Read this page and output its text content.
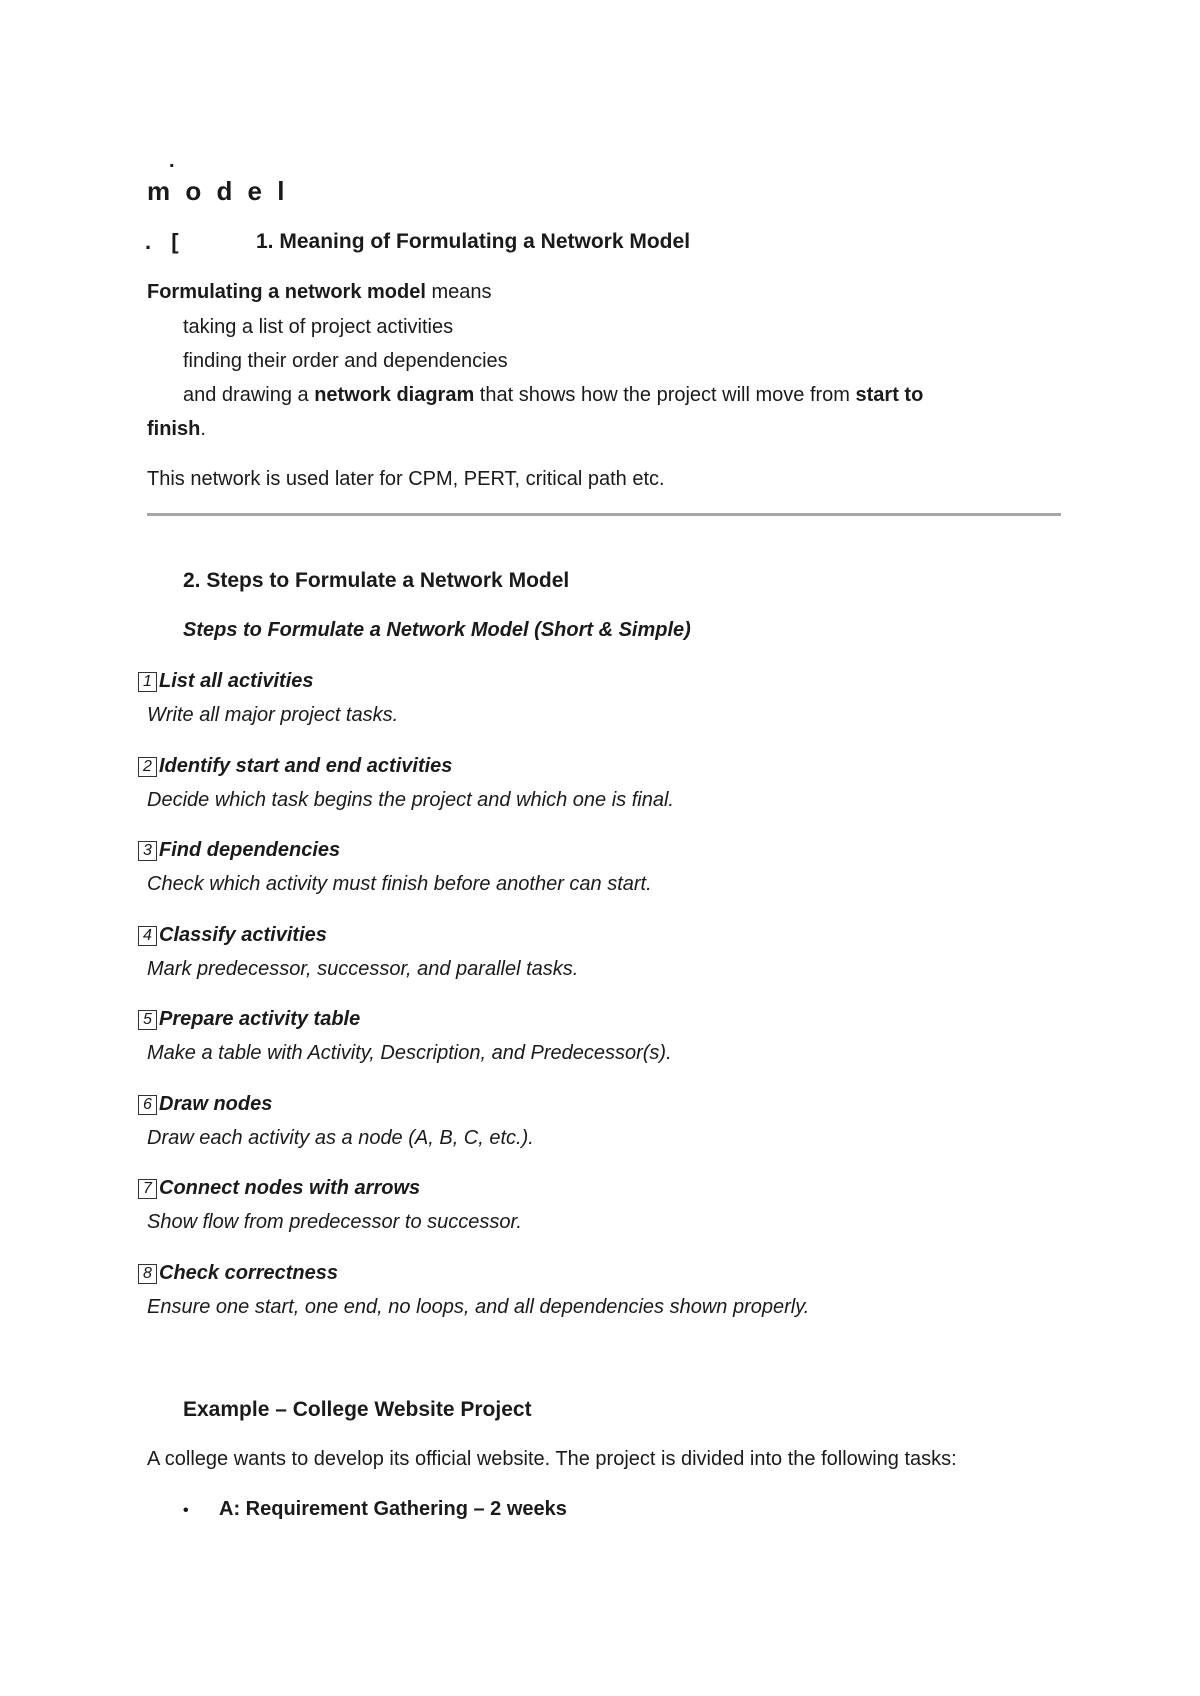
.
m o d e l
. [	1. Meaning of Formulating a Network Model
Formulating a network model means
taking a list of project activities
finding their order and dependencies
and drawing a network diagram that shows how the project will move from start to
finish.
This network is used later for CPM, PERT, critical path etc.
2. Steps to Formulate a Network Model
Steps to Formulate a Network Model (Short & Simple)
1 List all activities
Write all major project tasks.
2 Identify start and end activities
Decide which task begins the project and which one is final.
3 Find dependencies
Check which activity must finish before another can start.
4 Classify activities
Mark predecessor, successor, and parallel tasks.
5 Prepare activity table
Make a table with Activity, Description, and Predecessor(s).
6 Draw nodes
Draw each activity as a node (A, B, C, etc.).
7 Connect nodes with arrows
Show flow from predecessor to successor.
8 Check correctness
Ensure one start, one end, no loops, and all dependencies shown properly.
Example – College Website Project
A college wants to develop its official website. The project is divided into the following tasks:
• A: Requirement Gathering – 2 weeks
